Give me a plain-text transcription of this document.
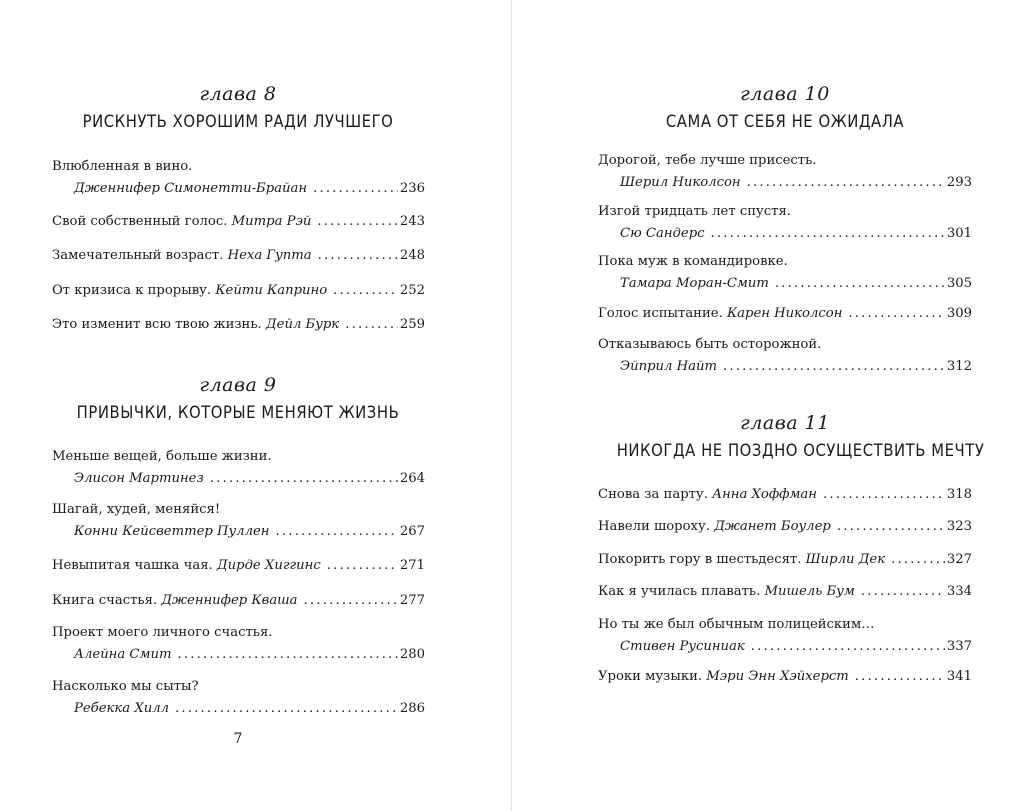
глава 8
РИСКНУТЬ ХОРОШИМ РАДИ ЛУЧШЕГО
Влюбленная в вино.
Дженнифер Симонетти-Брайан . . .	236
Свой собственный голос.
Митра Рэй . . .	243
Замечательный возраст.
Неха Гупта . . .	248
От кризиса к прорыву.
Кейти Каприно . . .	252
Это изменит всю твою жизнь.
Дейл Бурк . . .	259
глава 9
ПРИВЫЧКИ, КОТОРЫЕ МЕНЯЮТ ЖИЗНЬ
Меньше вещей, больше жизни.
Элисон Мартинез . . .	264
Шагай, худей, меняйся!
Конни Кейсветтер Пуллен . . .	267
Невыпитая чашка чая.
Дирде Хиггинс . . .	271
Книга счастья.
Дженнифер Кваша . . .	277
Проект моего личного счастья.
Алейна Смит . . .	280
Насколько мы сыты?
Ребекка Хилл . . .	286
7
глава 10
САМА ОТ СЕБЯ НЕ ОЖИДАЛА
Дорогой, тебе лучше присесть.
Шерил Николсон . . .	293
Изгой тридцать лет спустя.
Сю Сандерс . . .	301
Пока муж в командировке.
Тамара Моран-Смит . . .	305
Голос испытание.
Карен Николсон . . .	309
Отказываюсь быть осторожной.
Эйприл Найт . . .	312
глава 11
НИКОГДА НЕ ПОЗДНО ОСУЩЕСТВИТЬ МЕЧТУ
Снова за парту.
Анна Хоффман . . .	318
Навели шороху.
Джанет Боулер . . .	323
Покорить гору в шестьдесят.
Ширли Дек . . .	327
Как я училась плавать.
Мишель Бум . . .	334
Но ты же был обычным полицейским…
Стивен Русиниак . . .	337
Уроки музыки.
Мэри Энн Хэйхерст . . .	341
